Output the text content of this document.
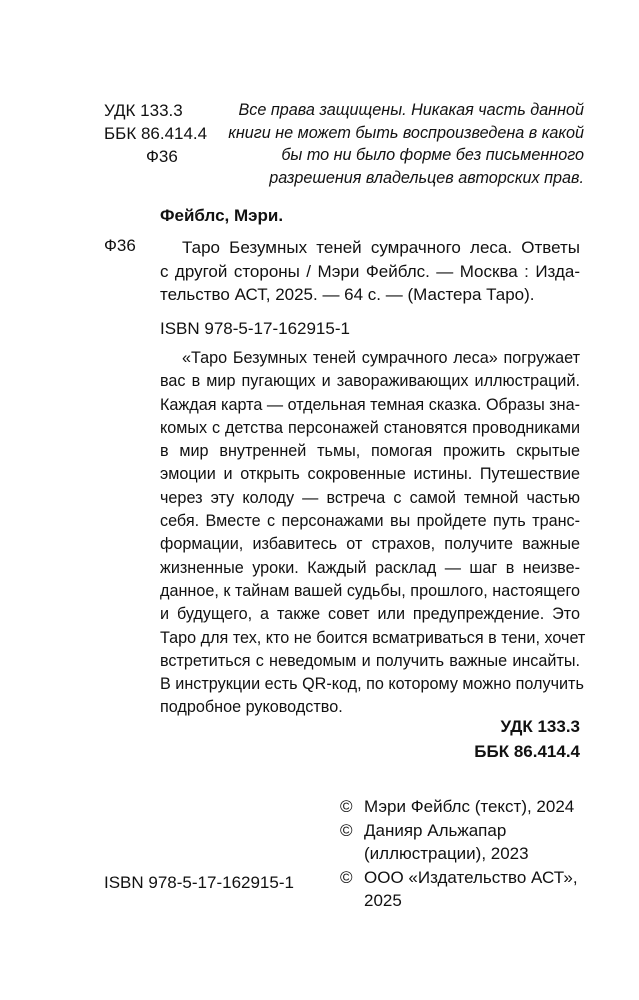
УДК 133.3
ББК 86.414.4
Ф36
Все права защищены. Никакая часть данной
книги не может быть воспроизведена в какой
бы то ни было форме без письменного
разрешения владельцев авторских прав.
Фейблс, Мэри.
Ф36	Таро Безумных теней сумрачного леса. Ответы
с другой стороны / Мэри Фейблс. — Москва : Изда-
тельство АСТ, 2025. — 64 с. — (Мастера Таро).
ISBN 978-5-17-162915-1
«Таро Безумных теней сумрачного леса» погружает
вас в мир пугающих и завораживающих иллюстраций.
Каждая карта — отдельная темная сказка. Образы зна-
комых с детства персонажей становятся проводниками
в мир внутренней тьмы, помогая прожить скрытые
эмоции и открыть сокровенные истины. Путешествие
через эту колоду — встреча с самой темной частью
себя. Вместе с персонажами вы пройдете путь транс-
формации, избавитесь от страхов, получите важные
жизненные уроки. Каждый расклад — шаг в неизве-
данное, к тайнам вашей судьбы, прошлого, настоящего
и будущего, а также совет или предупреждение. Это
Таро для тех, кто не боится всматриваться в тени, хочет
встретиться с неведомым и получить важные инсайты.
В инструкции есть QR-код, по которому можно получить
подробное руководство.
УДК 133.3
ББК 86.414.4
© Мэри Фейблс (текст), 2024
© Данияр Альжапар
(иллюстрации), 2023
© ООО «Издательство АСТ»,
2025
ISBN 978-5-17-162915-1
